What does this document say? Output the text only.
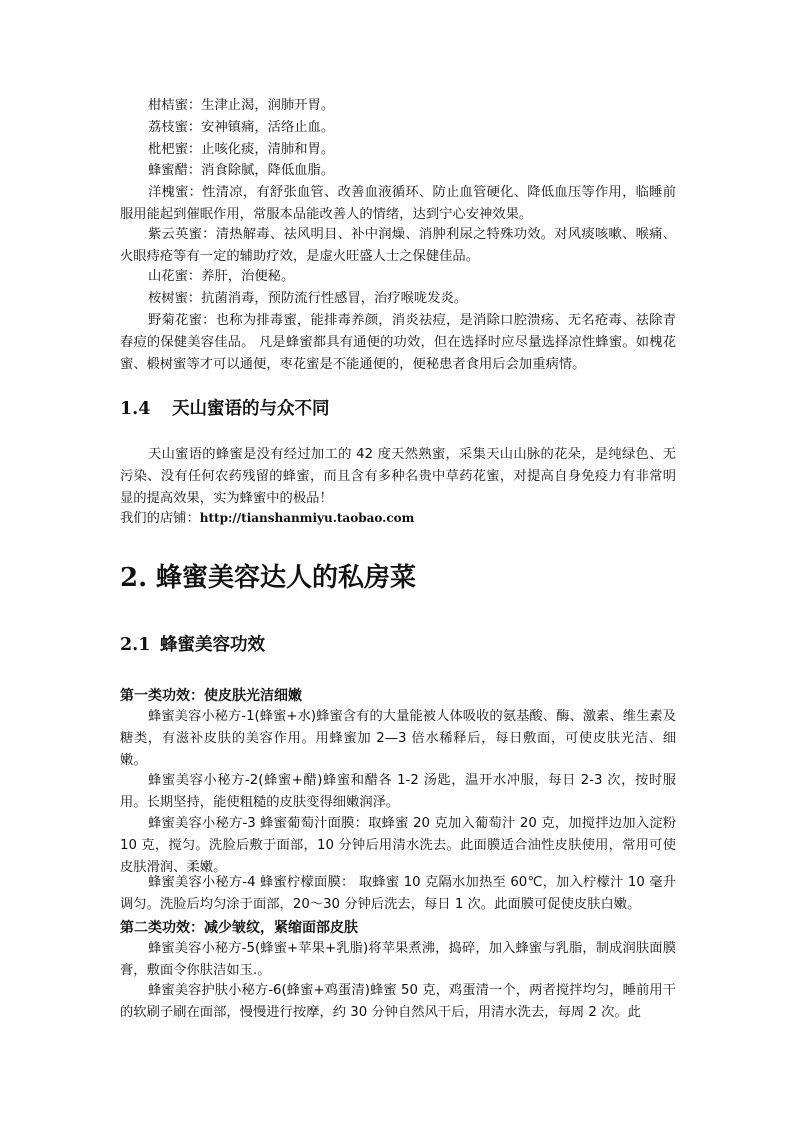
柑桔蜜：生津止渴，润肺开胃。

荔枝蜜：安神镇痛，活络止血。

枇杷蜜：止咳化痰，清肺和胃。

蜂蜜醋：消食除腻，降低血脂。

洋槐蜜：性清凉，有舒张血管、改善血液循环、防止血管硬化、降低血压等作用，临睡前服用能起到催眠作用，常服本品能改善人的情绪，达到宁心安神效果。

紫云英蜜：清热解毒、祛风明目、补中润燥、消肿利尿之特殊功效。对风痰咳嗽、喉痛、火眼痔疮等有一定的辅助疗效，是虚火旺盛人士之保健佳品。

山花蜜：养肝，治便秘。

桉树蜜：抗菌消毒，预防流行性感冒，治疗喉咙发炎。

野菊花蜜：也称为排毒蜜，能排毒养颜，消炎祛痘，是消除口腔溃疡、无名疮毒、祛除青春痘的保健美容佳品。 凡是蜂蜜都具有通便的功效，但在选择时应尽量选择凉性蜂蜜。如槐花蜜、椴树蜜等才可以通便，枣花蜜是不能通便的，便秘患者食用后会加重病情。

1.4 天山蜜语的与众不同

天山蜜语的蜂蜜是没有经过加工的 42 度天然熟蜜，采集天山山脉的花朵，是纯绿色、无污染、没有任何农药残留的蜂蜜，而且含有多种名贵中草药花蜜，对提高自身免疫力有非常明显的提高效果，实为蜂蜜中的极品！

我们的店铺：http://tianshanmiyu.taobao.com

2. 蜂蜜美容达人的私房菜
2.1 蜂蜜美容功效
第一类功效：使皮肤光洁细嫩

蜂蜜美容小秘方-1(蜂蜜+水)蜂蜜含有的大量能被人体吸收的氨基酸、酶、激素、维生素及糖类，有滋补皮肤的美容作用。用蜂蜜加 2—3 倍水稀释后，每日敷面，可使皮肤光洁、细嫩。

蜂蜜美容小秘方-2(蜂蜜+醋)蜂蜜和醋各 1-2 汤匙，温开水冲服，每日 2-3 次，按时服用。长期坚持，能使粗糙的皮肤变得细嫩润泽。

蜂蜜美容小秘方-3 蜂蜜葡萄汁面膜：取蜂蜜 20 克加入葡萄汁 20 克，加搅拌边加入淀粉 10 克，搅匀。洗脸后敷于面部，10 分钟后用清水洗去。此面膜适合油性皮肤使用，常用可使皮肤滑润、柔嫩。

蜂蜜美容小秘方-4 蜂蜜柠檬面膜： 取蜂蜜 10 克隔水加热至 60℃，加入柠檬汁 10 毫升调匀。洗脸后均匀涂于面部，20～30 分钟后洗去，每日 1 次。此面膜可促使皮肤白嫩。

第二类功效：减少皱纹，紧缩面部皮肤

蜂蜜美容小秘方-5(蜂蜜+苹果+乳脂)将苹果煮沸，捣碎，加入蜂蜜与乳脂，制成润肤面膜膏，敷面令你肤洁如玉.。

蜂蜜美容护肤小秘方-6(蜂蜜+鸡蛋清)蜂蜜 50 克，鸡蛋清一个，两者搅拌均匀，睡前用干的软刷子刷在面部，慢慢进行按摩，约 30 分钟自然风干后，用清水洗去，每周 2 次。此
